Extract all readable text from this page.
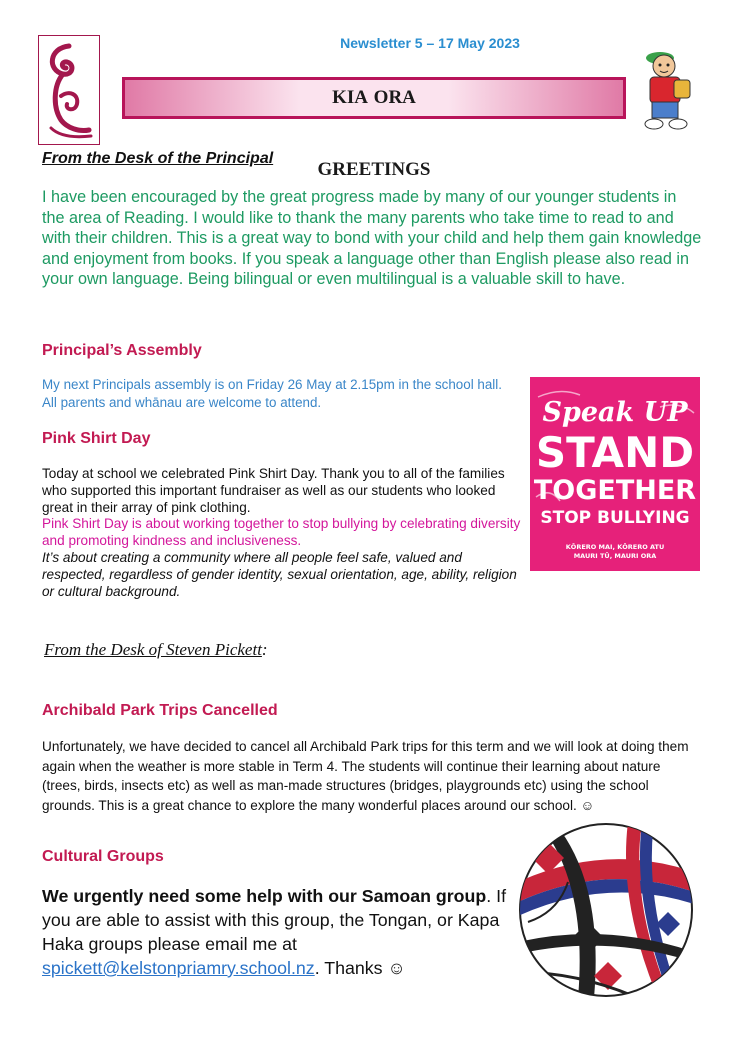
Newsletter 5 – 17 May 2023
KIA ORA
GREETINGS
From the Desk of the Principal
I have been encouraged by the great progress made by many of our younger students in the area of Reading. I would like to thank the many parents who take time to read to and with their children. This is a great way to bond with your child and help them gain knowledge and enjoyment from books. If you speak a language other than English please also read in your own language. Being bilingual or even multilingual is a valuable skill to have.
Principal’s Assembly
My next Principals assembly is on Friday 26 May at 2.15pm in the school hall. All parents and whānau are welcome to attend.
Pink Shirt Day
Today at school we celebrated Pink Shirt Day. Thank you to all of the families who supported this important fundraiser as well as our students who looked great in their array of pink clothing.
Pink Shirt Day is about working together to stop bullying by celebrating diversity and promoting kindness and inclusiveness.
It’s about creating a community where all people feel safe, valued and respected, regardless of gender identity, sexual orientation, age, ability, religion or cultural background.
Speak UP
STAND
TOGETHER
STOP BULLYING
KŌRERO MAI, KŌRERO ATU
MAURI TŪ, MAURI ORA
From the Desk of Steven Pickett:
Archibald Park Trips Cancelled
Unfortunately, we have decided to cancel all Archibald Park trips for this term and we will look at doing them again when the weather is more stable in Term 4. The students will continue their learning about nature (trees, birds, insects etc) as well as man-made structures (bridges, playgrounds etc) using the school grounds. This is a great chance to explore the many wonderful places around our school. ☺
Cultural Groups
We urgently need some help with our Samoan group. If you are able to assist with this group, the Tongan, or Kapa Haka groups please email me at spickett@kelstonpriamry.school.nz. Thanks ☺
